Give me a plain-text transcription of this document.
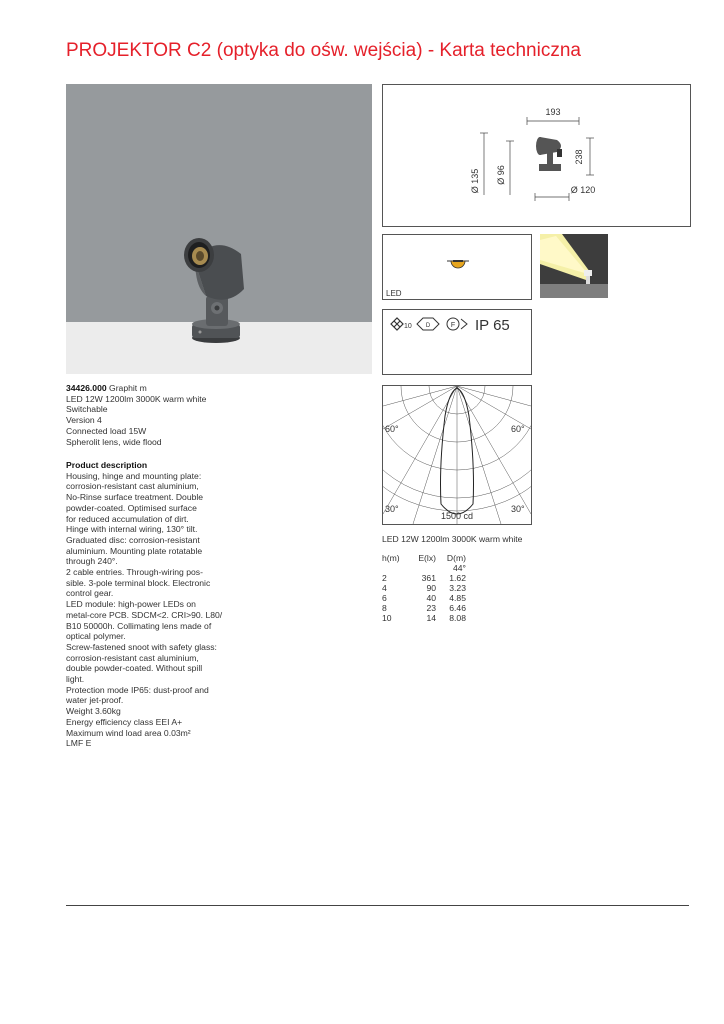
PROJEKTOR C2 (optyka do ośw. wejścia) - Karta techniczna
193
238
Ø 135 Ø 96
Ø 120
LED
10 D	F IP 65
60°	60°
30°	30°
1500 cd
34426.000 Graphit m
LED 12W 1200lm 3000K warm white
Switchable
Version 4
Connected load 15W
Spherolit lens, wide flood
Product description
Housing, hinge and mounting plate:
corrosion-resistant cast aluminium,
No-Rinse surface treatment. Double
powder-coated. Optimised surface
for reduced accumulation of dirt.
Hinge with internal wiring, 130° tilt.
Graduated disc: corrosion-resistant
aluminium. Mounting plate rotatable
through 240°.
2 cable entries. Through-wiring pos-
sible. 3-pole terminal block. Electronic
control gear.
LED module: high-power LEDs on
metal-core PCB. SDCM<2. CRI>90. L80/
B10 50000h. Collimating lens made of
optical polymer.
Screw-fastened snoot with safety glass:
corrosion-resistant cast aluminium,
double powder-coated. Without spill
light.
Protection mode IP65: dust-proof and
water jet-proof.
Weight 3.60kg
Energy efficiency class EEI A+
Maximum wind load area 0.03m²
LMF E
LED 12W 1200lm 3000K warm white
h(m)	E(lx)	D(m)
		44°
2	361	1.62
4	90	3.23
6	40	4.85
8	23	6.46
10	14	8.08
